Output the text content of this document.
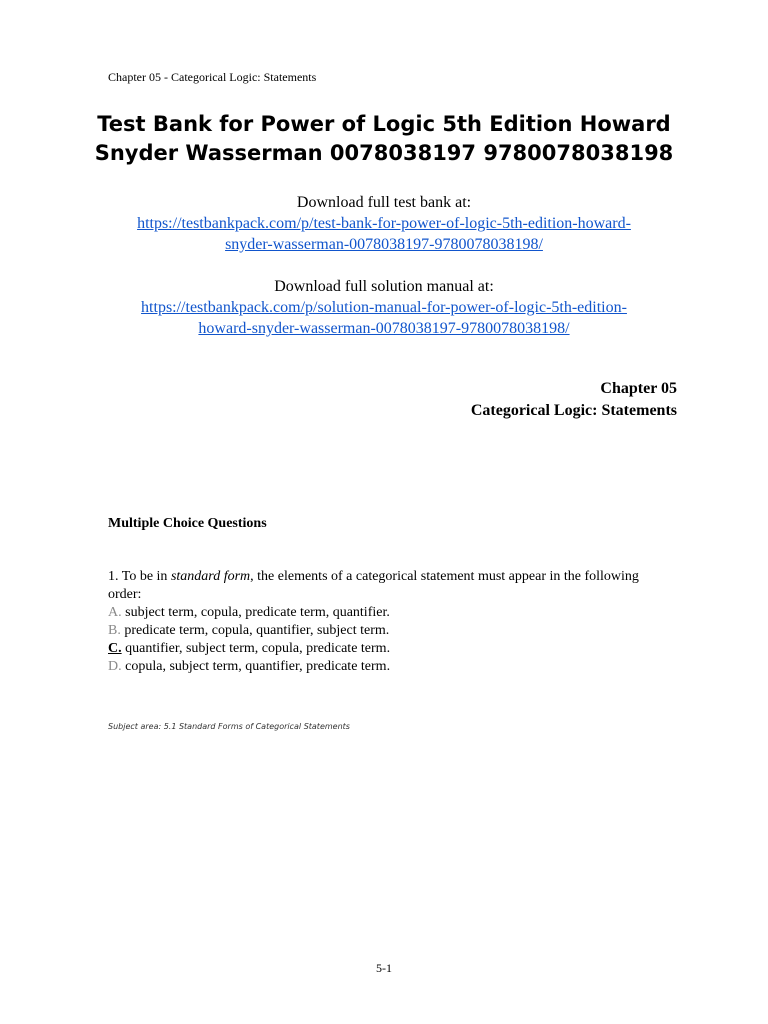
Chapter 05 - Categorical Logic: Statements
Test Bank for Power of Logic 5th Edition Howard
Snyder Wasserman 0078038197 9780078038198
Download full test bank at:
https://testbankpack.com/p/test-bank-for-power-of-logic-5th-edition-howard-
snyder-wasserman-0078038197-9780078038198/
Download full solution manual at:
https://testbankpack.com/p/solution-manual-for-power-of-logic-5th-edition-
howard-snyder-wasserman-0078038197-9780078038198/
Chapter 05
Categorical Logic: Statements
Multiple Choice Questions
1. To be in standard form, the elements of a categorical statement must appear in the following order:
A. subject term, copula, predicate term, quantifier.
B. predicate term, copula, quantifier, subject term.
C. quantifier, subject term, copula, predicate term.
D. copula, subject term, quantifier, predicate term.
Subject area: 5.1 Standard Forms of Categorical Statements
5-1
